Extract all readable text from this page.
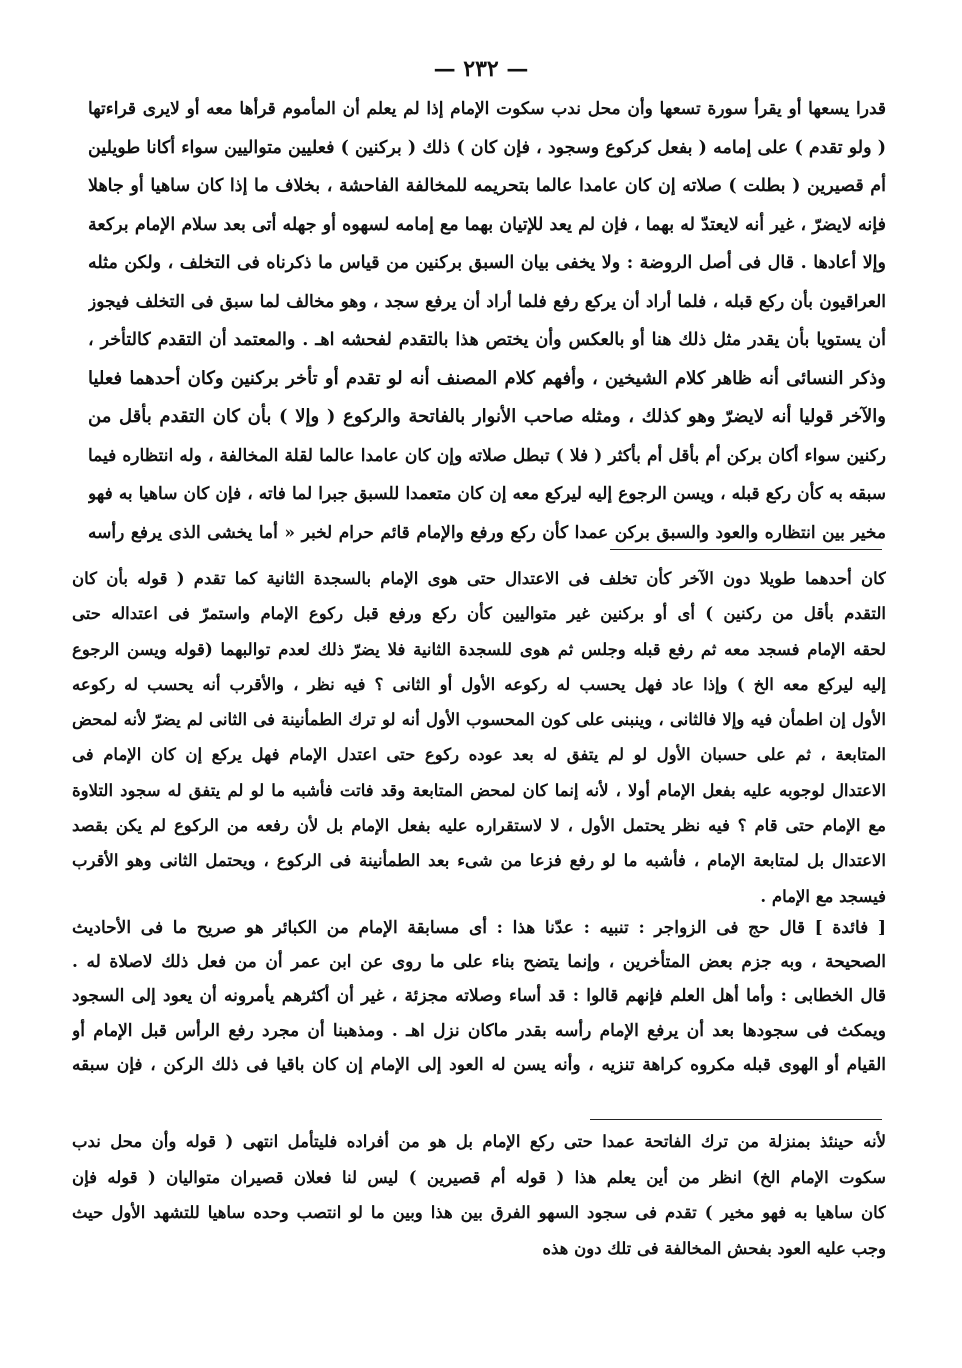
— ٢٣٢ —
قدرا يسعها أو يقرأ سورة تسعها وأن محل ندب سكوت الإمام إذا لم يعلم أن المأموم قرأها معه أو لايرى قراءتها
( ولو تقدم ) على إمامه ( بفعل كركوع وسجود ، فإن كان ) ذلك ( بركنين ) فعليين متواليين سواء أكانا طويلين
أم قصيرين ( بطلت ) صلاته إن كان عامدا عالما بتحريمه للمخالفة الفاحشة ، بخلاف ما إذا كان ساهيا أو جاهلا
فإنه لايضرّ ، غير أنه لايعتدّ له بهما ، فإن لم يعد للإتيان بهما مع إمامه لسهوه أو جهله أتى بعد سلام الإمام بركعة
وإلا أعادها . قال فى أصل الروضة : ولا يخفى بيان السبق بركنين من قياس ما ذكرناه فى التخلف ، ولكن مثله
العراقيون بأن ركع قبله ، فلما أراد أن يركع رفع فلما أراد أن يرفع سجد ، وهو مخالف لما سبق فى التخلف فيجوز
أن يستويا بأن يقدر مثل ذلك هنا أو بالعكس وأن يختص هذا بالتقدم لفحشه اهـ . والمعتمد أن التقدم كالتأخر ،
وذكر النسائى أنه ظاهر كلام الشيخين ، وأفهم كلام المصنف أنه لو تقدم أو تأخر بركنين وكان أحدهما فعليا
والآخر قوليا أنه لايضرّ وهو كذلك ، ومثله صاحب الأنوار بالفاتحة والركوع ( وإلا ) بأن كان التقدم بأقل من
ركنين سواء أكان بركن أم بأقل أم بأكثر ( فلا ) تبطل صلاته وإن كان عامدا عالما لقلة المخالفة ، وله انتظاره فيما
سبقه به كأن ركع قبله ، ويسن الرجوع إليه ليركع معه إن كان متعمدا للسبق جبرا لما فاته ، فإن كان ساهيا به فهو
مخير بين انتظاره والعود والسبق بركن عمدا كأن ركع ورفع والإمام قائم حرام لخبر « أما يخشى الذى يرفع رأسه
كان أحدهما طويلا دون الآخر كأن تخلف فى الاعتدال حتى هوى الإمام بالسجدة الثانية كما تقدم ( قوله بأن كان
التقدم بأقل من ركنين ) أى أو بركنين غير متواليين كأن ركع ورفع قبل ركوع الإمام واستمرّ فى اعتداله حتى
لحقه الإمام فسجد معه ثم رفع قبله وجلس ثم هوى للسجدة الثانية فلا يضرّ ذلك لعدم توالبهما (قوله ويسن الرجوع
إليه ليركع معه الخ ) وإذا عاد فهل يحسب له ركوعه الأول أو الثانى ؟ فيه نظر ، والأقرب أنه يحسب له ركوعه
الأول إن اطمأن فيه وإلا فالثانى ، وينبنى على كون المحسوب الأول أنه لو ترك الطمأنينة فى الثانى لم يضرّ لأنه لمحض
المتابعة ، ثم على حسبان الأول لو لم يتفق له بعد عوده ركوع حتى اعتدل الإمام فهل يركع إن كان الإمام فى
الاعتدال لوجوبه عليه بفعل الإمام أولا ، لأنه إنما كان لمحض المتابعة وقد فاتت فأشبه ما لو لم يتفق له سجود التلاوة
مع الإمام حتى قام ؟ فيه نظر يحتمل الأول ، لا لاستقراره عليه بفعل الإمام بل لأن رفعه من الركوع لم يكن بقصد
الاعتدال بل لمتابعة الإمام ، فأشبه ما لو رفع فزعا من شىء بعد الطمأنينة فى الركوع ، ويحتمل الثانى وهو الأقرب
فيسجد مع الإمام .
[ فائدة ] قال حج فى الزواجر : تنبيه : عدّنا هذا : أى مسابقة الإمام من الكبائر هو صريح ما فى الأحاديث
الصحيحة ، وبه جزم بعض المتأخرين ، وإنما يتضح بناء على ما روى عن ابن عمر أن من فعل ذلك لاصلاة له .
قال الخطابى : وأما أهل العلم فإنهم قالوا : قد أساء وصلاته مجزئة ، غير أن أكثرهم يأمرونه أن يعود إلى السجود
ويمكث فى سجودها بعد أن يرفع الإمام رأسه بقدر ماكان نزل اهـ . ومذهبنا أن مجرد رفع الرأس قبل الإمام أو
القيام أو الهوى قبله مكروه كراهة تنزيه ، وأنه يسن له العود إلى الإمام إن كان باقيا فى ذلك الركن ، فإن سبقه
لأنه حينئذ بمنزلة من ترك الفاتحة عمدا حتى ركع الإمام بل هو من أفراده فليتأمل انتهى ( قوله وأن محل ندب
سكوت الإمام الخ) انظر من أين يعلم هذا ( قوله أم قصيرين ) ليس لنا فعلان قصيران متواليان ( قوله فإن
كان ساهيا به فهو مخير ) تقدم فى سجود السهو الفرق بين هذا وبين ما لو انتصب وحده ساهيا للتشهد الأول حيث
وجب عليه العود بفحش المخالفة فى تلك دون هذه
